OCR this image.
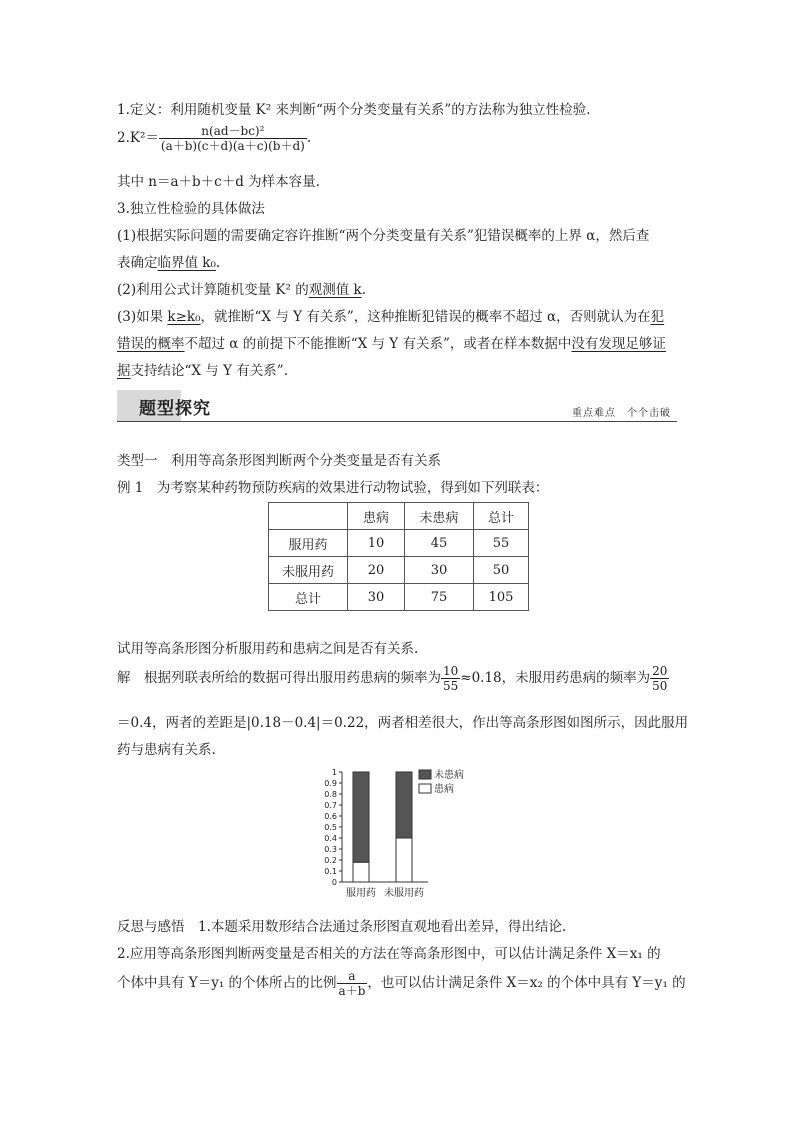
1.定义：利用随机变量 K² 来判断“两个分类变量有关系”的方法称为独立性检验.
$2.K^2= \frac{\text{n(ad－bc)²}}{(a+b)(c+d)(a+c)(b+d)}$ .
其中 n＝a＋b＋c＋d 为样本容量.
3.独立性检验的具体做法
(1)根据实际问题的需要确定容许推断“两个分类变量有关系”犯错误概率的上界 α，然后查
表确定临界值 k₀.
(2)利用公式计算随机变量 K² 的观测值 k.
(3)如果 k≥k₀，就推断“X 与 Y 有关系”，这种推断犯错误的概率不超过 α，否则就认为在犯
错误的概率不超过 α 的前提下不能推断“X 与 Y 有关系”，或者在样本数据中没有发现足够证
据支持结论“X 与 Y 有关系”.
类型一　利用等高条形图判断两个分类变量是否有关系
例 1　为考察某种药物预防疾病的效果进行动物试验，得到如下列联表：
试用等高条形图分析服用药和患病之间是否有关系.
解　根据列联表所给的数据可得出服用药患病的频率为 $\frac{10}{55} \approx 0.18$，未服用药患病的频率为 $\frac{20}{50}$
＝0.4，两者的差距是|0.18－0.4|＝0.22，两者相差很大，作出等高条形图如图所示，因此服用
药与患病有关系.
反思与感悟　1.本题采用数形结合法通过条形图直观地看出差异，得出结论.
2.应用等高条形图判断两变量是否相关的方法在等高条形图中，可以估计满足条件 X＝x₁ 的
个体中具有 Y＝y₁ 的个体所占的比例 $\frac{a}{a+b}$ ，也可以估计满足条件 X＝x₂ 的个体中具有 Y＝y₁ 的
题型探究	重点难点　个个击破
	患病	未患病	总计
服用药	10	45	55
未服用药	20	30	50
总计	30	75	105
0
0.1
0.2
0.3
0.4
0.5
0.6
0.7
0.8
0.9
1
服用药 未服用药
未患病
患病
